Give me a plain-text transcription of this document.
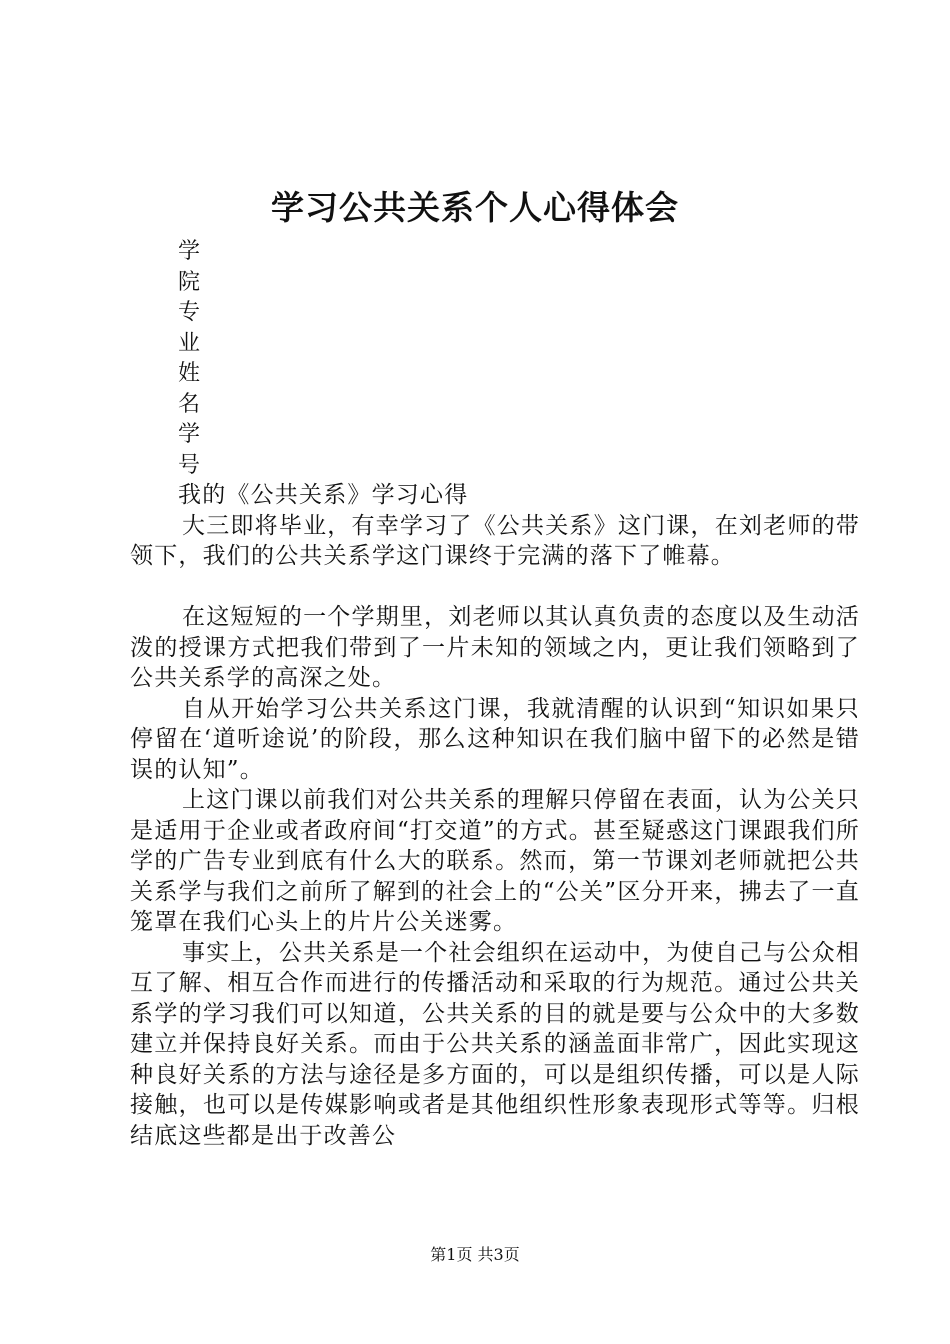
学习公共关系个人心得体会
学
院
专
业
姓
名
学
号

我的《公共关系》学习心得

大三即将毕业，有幸学习了《公共关系》这门课，在刘老师的带领下，我们的公共关系学这门课终于完满的落下了帷幕。

在这短短的一个学期里，刘老师以其认真负责的态度以及生动活泼的授课方式把我们带到了一片未知的领域之内，更让我们领略到了公共关系学的高深之处。

自从开始学习公共关系这门课，我就清醒的认识到“知识如果只停留在‘道听途说’的阶段，那么这种知识在我们脑中留下的必然是错误的认知”。

上这门课以前我们对公共关系的理解只停留在表面，认为公关只是适用于企业或者政府间“打交道”的方式。甚至疑惑这门课跟我们所学的广告专业到底有什么大的联系。然而，第一节课刘老师就把公共关系学与我们之前所了解到的社会上的“公关”区分开来，拂去了一直笼罩在我们心头上的片片公关迷雾。

事实上，公共关系是一个社会组织在运动中，为使自己与公众相互了解、相互合作而进行的传播活动和采取的行为规范。通过公共关系学的学习我们可以知道，公共关系的目的就是要与公众中的大多数建立并保持良好关系。而由于公共关系的涵盖面非常广，因此实现这种良好关系的方法与途径是多方面的，可以是组织传播，可以是人际接触，也可以是传媒影响或者是其他组织性形象表现形式等等。归根结底这些都是出于改善公

第1页 共3页
